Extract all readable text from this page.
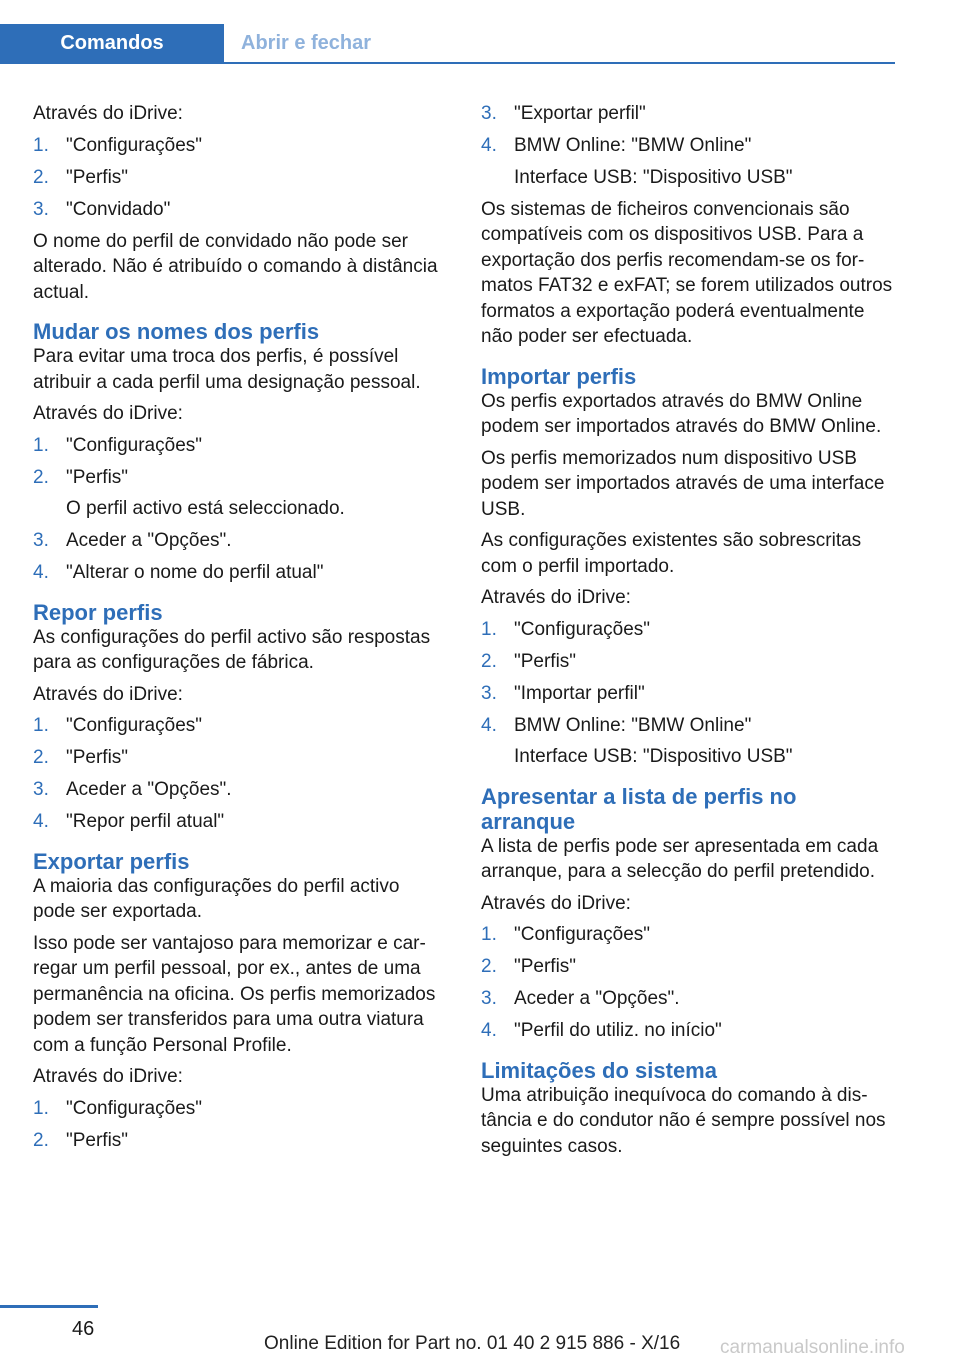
Comandos	Abrir e fechar

Através do iDrive:

1. "Configurações"
2. "Perfis"
3. "Convidado"

O nome do perfil de convidado não pode ser alterado. Não é atribuído o comando à distância actual.

Mudar os nomes dos perfis

Para evitar uma troca dos perfis, é possível atribuir a cada perfil uma designação pessoal.

Através do iDrive:

1. "Configurações"
2. "Perfis"
O perfil activo está seleccionado.
3. Aceder a "Opções".
4. "Alterar o nome do perfil atual"
Repor perfis

As configurações do perfil activo são respostas para as configurações de fábrica.

Através do iDrive:

1. "Configurações"
2. "Perfis"
3. Aceder a "Opções".
4. "Repor perfil atual"
Exportar perfis

A maioria das configurações do perfil activo pode ser exportada.

Isso pode ser vantajoso para memorizar e carregar um perfil pessoal, por ex., antes de uma permanência na oficina. Os perfis memorizados podem ser transferidos para uma outra viatura com a função Personal Profile.

Através do iDrive:

1. "Configurações"
2. "Perfis"
3. "Exportar perfil"
4. BMW Online: "BMW Online"
Interface USB: "Dispositivo USB"

Os sistemas de ficheiros convencionais são compatíveis com os dispositivos USB. Para a exportação dos perfis recomendam-se os formatos FAT32 e exFAT; se forem utilizados outros formatos a exportação poderá eventualmente não poder ser efectuada.

Importar perfis

Os perfis exportados através do BMW Online podem ser importados através do BMW Online.

Os perfis memorizados num dispositivo USB podem ser importados através de uma interface USB.

As configurações existentes são sobrescritas com o perfil importado.

Através do iDrive:

1. "Configurações"
2. "Perfis"
3. "Importar perfil"
4. BMW Online: "BMW Online"
Interface USB: "Dispositivo USB"
Apresentar a lista de perfis no arranque

A lista de perfis pode ser apresentada em cada arranque, para a selecção do perfil pretendido.

Através do iDrive:

1. "Configurações"
2. "Perfis"
3. Aceder a "Opções".
4. "Perfil do utiliz. no início"
Limitações do sistema

Uma atribuição inequívoca do comando à distância e do condutor não é sempre possível nos seguintes casos.

46
Online Edition for Part no. 01 40 2 915 886 - X/16 carmanualsonline.info
